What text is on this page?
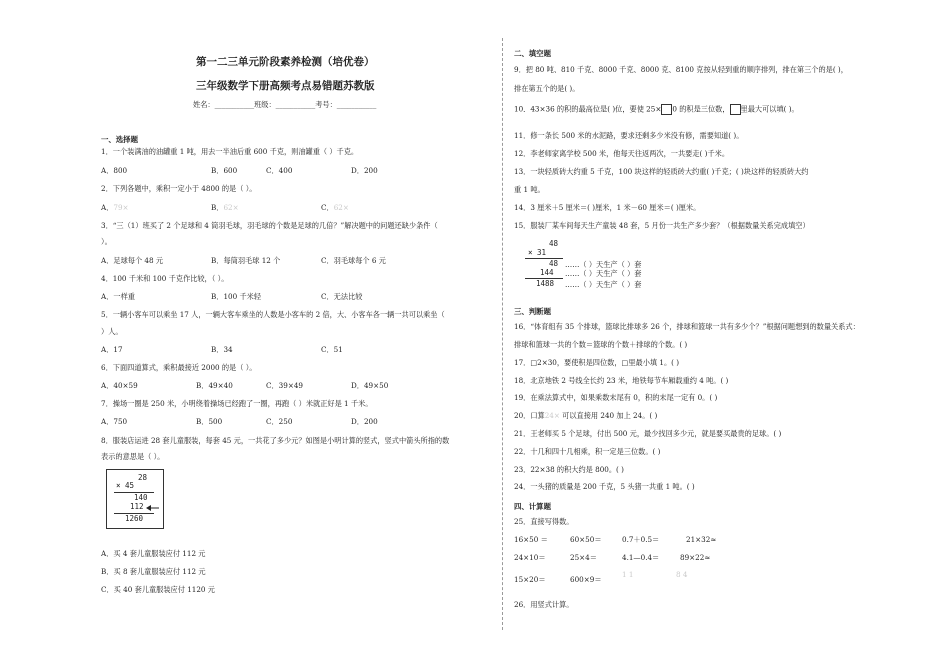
第一二三单元阶段素养检测（培优卷）
三年级数学下册高频考点易错题苏教版
姓名：___________班级：___________考号：___________
一、选择题
1．一个装满油的油罐重 1 吨，用去一半油后重 600 千克，则油罐重（ ）千克。
A．800	B．600	C．400	D．200
2．下列各题中，乘积一定小于 4800 的是（ ）。
A．79×	B．62×	C．62×
3．“三（1）班买了 2 个足球和 4 筒羽毛球，羽毛球的个数是足球的几倍？”解决题中的问题还缺少条件（
）。
A．足球每个 48 元	B．每筒羽毛球 12 个	C．羽毛球每个 6 元
4．100 千米和 100 千克作比较，（ ）。
A．一样重	B．100 千米轻	C．无法比较
5．一辆小客车可以乘坐 17 人，一辆大客车乘坐的人数是小客车的 2 倍，大、小客车各一辆一共可以乘坐（
）人。
A．17	B．34	C．51
6．下面四道算式，乘积最接近 2000 的是（ ）。
A．40×59	B．49×40	C．39×49	D．49×50
7．操场一圈是 250 米，小明绕着操场已经跑了一圈，再跑（ ）米就正好是 1 千米。
A．750	B．500	C．250	D．200
8．服装店运进 28 套儿童服装，每套 45 元，一共花了多少元？如图是小明计算的竖式，竖式中箭头所指的数
表示的意思是（ ）。
28
× 45
140
112
1260
A．买 4 套儿童服装应付 112 元
B．买 8 套儿童服装应付 112 元
C．买 40 套儿童服装应付 1120 元
二、填空题
9．把 80 吨、810 千克、8000 千克、8000 克、8100 克按从轻到重的顺序排列，排在第三个的是( )，
排在第五个的是( )。
10．43×36 的积的最高位是( )位，要使 25× 0 的积是三位数， 里最大可以填( )。
11．修一条长 500 米的水泥路，要求还剩多少米没有修，需要知道( )。
12．李老师家离学校 500 米，他每天往返两次，一共要走( )千米。
13．一块轻质砖大约重 5 千克，100 块这样的轻质砖大约重( )千克；( )块这样的轻质砖大约
重 1 吨。
14．3 厘米＋5 厘米＝( )厘米，1 米－60 厘米＝( )厘米。
15．服装厂某车间每天生产童装 48 套，5 月份一共生产多少套？（根据数量关系完成填空）
48
× 31
48 ……（ ）天生产（ ）套
144 ……（ ）天生产（ ）套
1488 ……（ ）天生产（ ）套
三、判断题
16．“体育组有 35 个排球，篮球比排球多 26 个，排球和篮球一共有多少个？”根据问题想到的数量关系式：
排球和篮球一共的个数＝篮球的个数＋排球的个数。( )
17．□2×30，要使积是四位数，□里最小填 1。( )
18．北京地铁 2 号线全长约 23 米，地铁每节车厢载重约 4 吨。( )
19．在乘法算式中，如果乘数末尾有 0，积的末尾一定有 0。( )
20．口算24× 可以直接用 240 加上 24。( )
21．王老师买 5 个足球，付出 500 元，最少找回多少元，就是要买最贵的足球。( )
22．十几和四十几相乘，积一定是三位数。( )
23．22×38 的积大约是 800。( )
24．一头猪的质量是 200 千克，5 头猪一共重 1 吨。( )
四、计算题
25．直接写得数。
16×50 ＝	60×50＝	0.7＋0.5＝	21×32≈
24×10＝	25×4＝	4.1—0.4＝	89×22≈
15×20＝	600×9＝
1 1	8 4
26．用竖式计算。
